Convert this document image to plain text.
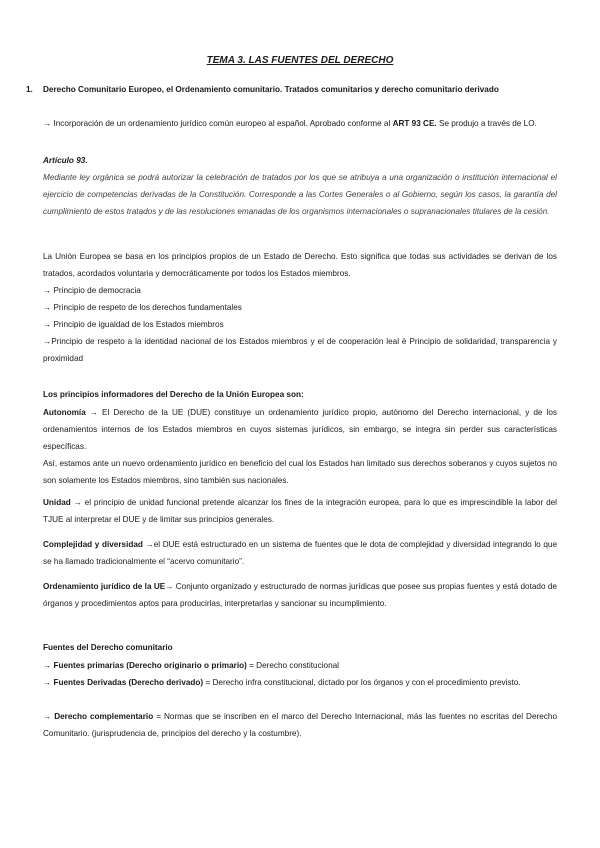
TEMA 3. LAS FUENTES DEL DERECHO
1. Derecho Comunitario Europeo, el Ordenamiento comunitario. Tratados comunitarios y derecho comunitario derivado
→ Incorporación de un ordenamiento jurídico común europeo al español. Aprobado conforme al ART 93 CE. Se produjo a través de LO.
Artículo 93.
Mediante ley orgánica se podrá autorizar la celebración de tratados por los que se atribuya a una organización o institución internacional el ejercicio de competencias derivadas de la Constitución. Corresponde a las Cortes Generales o al Gobierno, según los casos, la garantía del cumplimiento de estos tratados y de las resoluciones emanadas de los organismos internacionales o supranacionales titulares de la cesión.
La Unión Europea se basa en los principios propios de un Estado de Derecho. Esto significa que todas sus actividades se derivan de los tratados, acordados voluntaria y democráticamente por todos los Estados miembros.
→ Principio de democracia
→ Principio de respeto de los derechos fundamentales
→ Principio de igualdad de los Estados miembros
→Principio de respeto a la identidad nacional de los Estados miembros y el de cooperación leal è Principio de solidaridad, transparencia y proximidad
Los principios informadores del Derecho de la Unión Europea son:
Autonomía → El Derecho de la UE (DUE) constituye un ordenamiento jurídico propio, autónomo del Derecho internacional, y de los ordenamientos internos de los Estados miembros en cuyos sistemas jurídicos, sin embargo, se integra sin perder sus características específicas.
Así, estamos ante un nuevo ordenamiento jurídico en beneficio del cual los Estados han limitado sus derechos soberanos y cuyos sujetos no son solamente los Estados miembros, sino también sus nacionales.
Unidad → el principio de unidad funcional pretende alcanzar los fines de la integración europea, para lo que es imprescindible la labor del TJUE al interpretar el DUE y de limitar sus principios generales.
Complejidad y diversidad →el DUE está estructurado en un sistema de fuentes que le dota de complejidad y diversidad integrando lo que se ha llamado tradicionalmente el “acervo comunitario”.
Ordenamiento jurídico de la UE→ Conjunto organizado y estructurado de normas jurídicas que posee sus propias fuentes y está dotado de órganos y procedimientos aptos para producirlas, interpretarlas y sancionar su incumplimiento.
Fuentes del Derecho comunitario
→ Fuentes primarias (Derecho originario o primario) = Derecho constitucional
→ Fuentes Derivadas (Derecho derivado) = Derecho infra constitucional, dictado por los órganos y con el procedimiento previsto.
→ Derecho complementario = Normas que se inscriben en el marco del Derecho Internacional, más las fuentes no escritas del Derecho Comunitario. (jurisprudencia de, principios del derecho y la costumbre).
